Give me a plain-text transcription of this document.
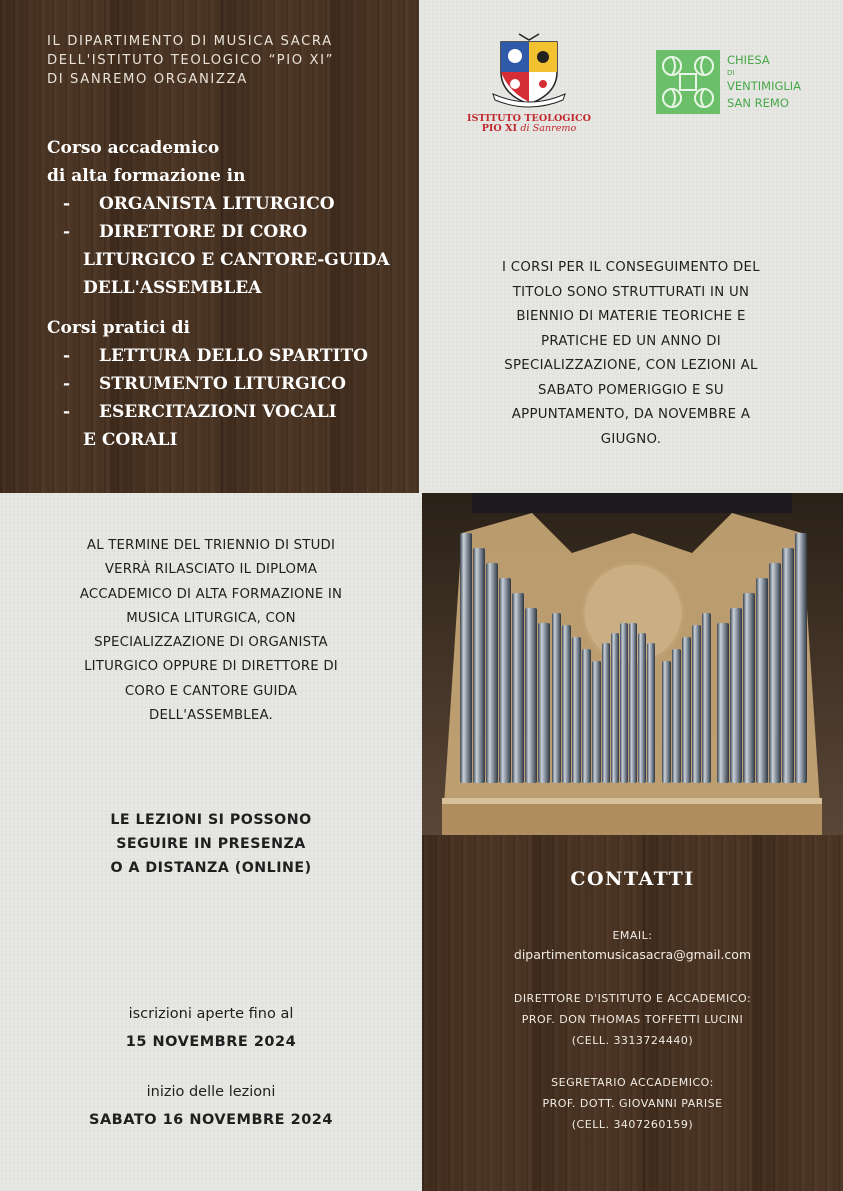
IL DIPARTIMENTO DI MUSICA SACRA
DELL'ISTITUTO TEOLOGICO “PIO XI”
DI SANREMO ORGANIZZA
Corso accademico
di alta formazione in
-	ORGANISTA LITURGICO
-	DIRETTORE DI CORO
LITURGICO E CANTORE-GUIDA
DELL'ASSEMBLEA
Corsi pratici di
-	LETTURA DELLO SPARTITO
-	STRUMENTO LITURGICO
-	ESERCITAZIONI VOCALI
E CORALI
ISTITUTO TEOLOGICO
PIO XI di Sanremo
CHIESA
DI
VENTIMIGLIA
SAN REMO
I CORSI PER IL CONSEGUIMENTO DEL
TITOLO SONO STRUTTURATI IN UN
BIENNIO DI MATERIE TEORICHE E
PRATICHE ED UN ANNO DI
SPECIALIZZAZIONE, CON LEZIONI AL
SABATO POMERIGGIO E SU
APPUNTAMENTO, DA NOVEMBRE A
GIUGNO.
AL TERMINE DEL TRIENNIO DI STUDI
VERRÀ RILASCIATO IL DIPLOMA
ACCADEMICO DI ALTA FORMAZIONE IN
MUSICA LITURGICA, CON
SPECIALIZZAZIONE DI ORGANISTA
LITURGICO OPPURE DI DIRETTORE DI
CORO E CANTORE GUIDA
DELL'ASSEMBLEA.
LE LEZIONI SI POSSONO
SEGUIRE IN PRESENZA
O A DISTANZA (ONLINE)
iscrizioni aperte fino al
15 NOVEMBRE 2024
inizio delle lezioni
SABATO 16 NOVEMBRE 2024
CONTATTI
EMAIL:
dipartimentomusicasacra@gmail.com
DIRETTORE D'ISTITUTO E ACCADEMICO:
PROF. DON THOMAS TOFFETTI LUCINI
(CELL. 3313724440)
SEGRETARIO ACCADEMICO:
PROF. DOTT. GIOVANNI PARISE
(CELL. 3407260159)
